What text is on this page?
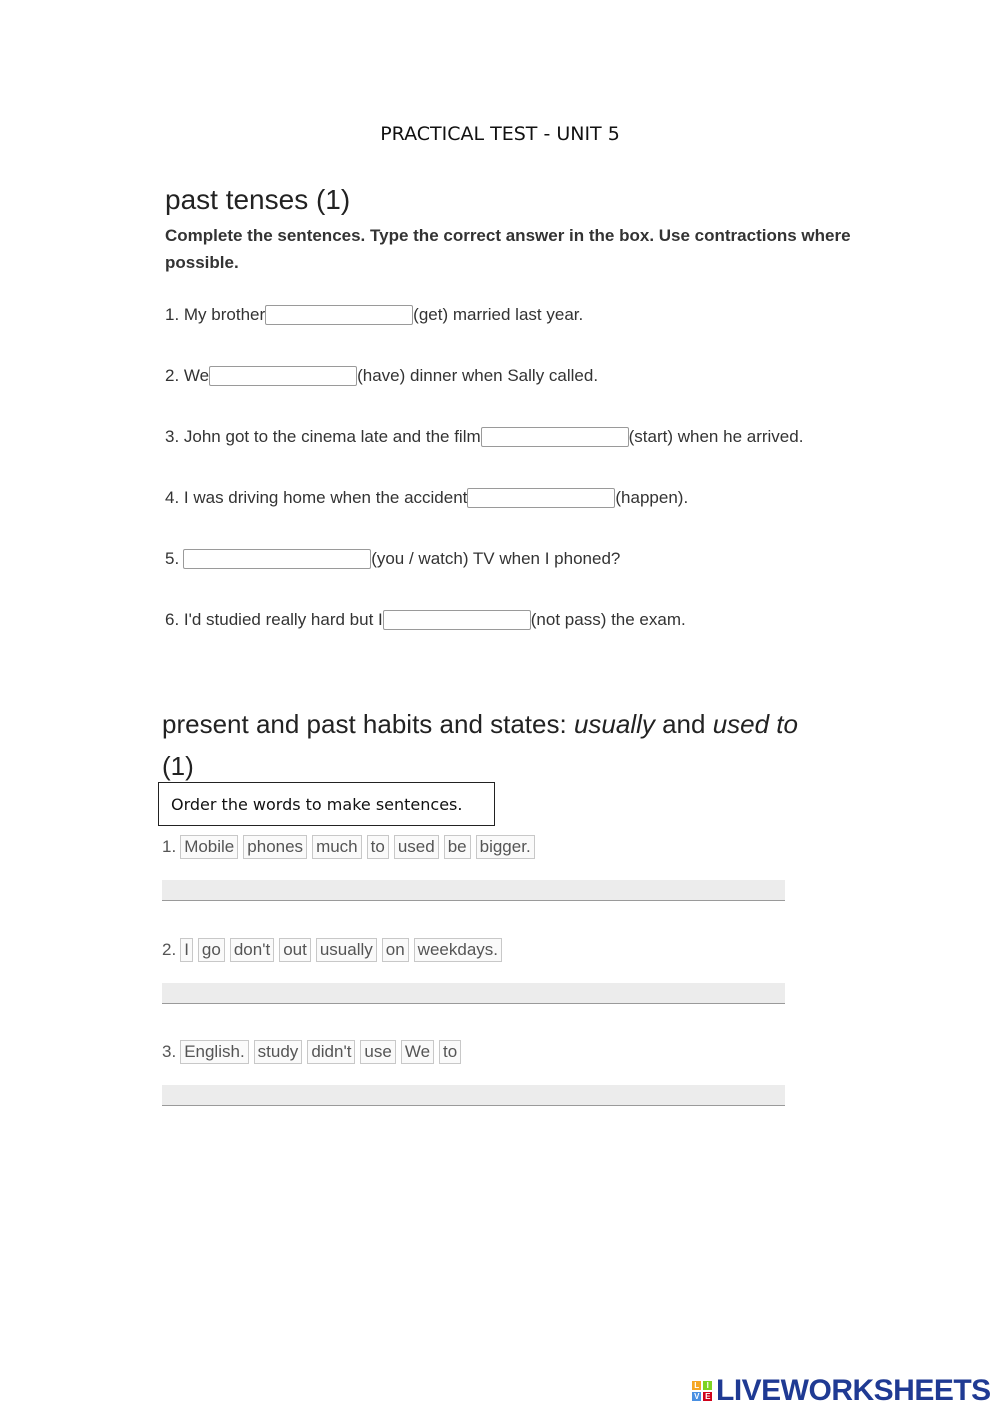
PRACTICAL TEST - UNIT 5
past tenses (1)
Complete the sentences. Type the correct answer in the box. Use contractions where possible.
1. My brother	(get) married last year.
2. We	(have) dinner when Sally called.
3. John got to the cinema late and the film	(start) when he arrived.
4. I was driving home when the accident	(happen).
5.	(you / watch) TV when I phoned?
6. I'd studied really hard but I	(not pass) the exam.
present and past habits and states: usually and used to
(1)
Order the words to make sentences.
1. Mobile phones much to used be bigger.
2. I go don't out usually on weekdays.
3. English. study didn't use We to
L I
V E LIVEWORKSHEETS
